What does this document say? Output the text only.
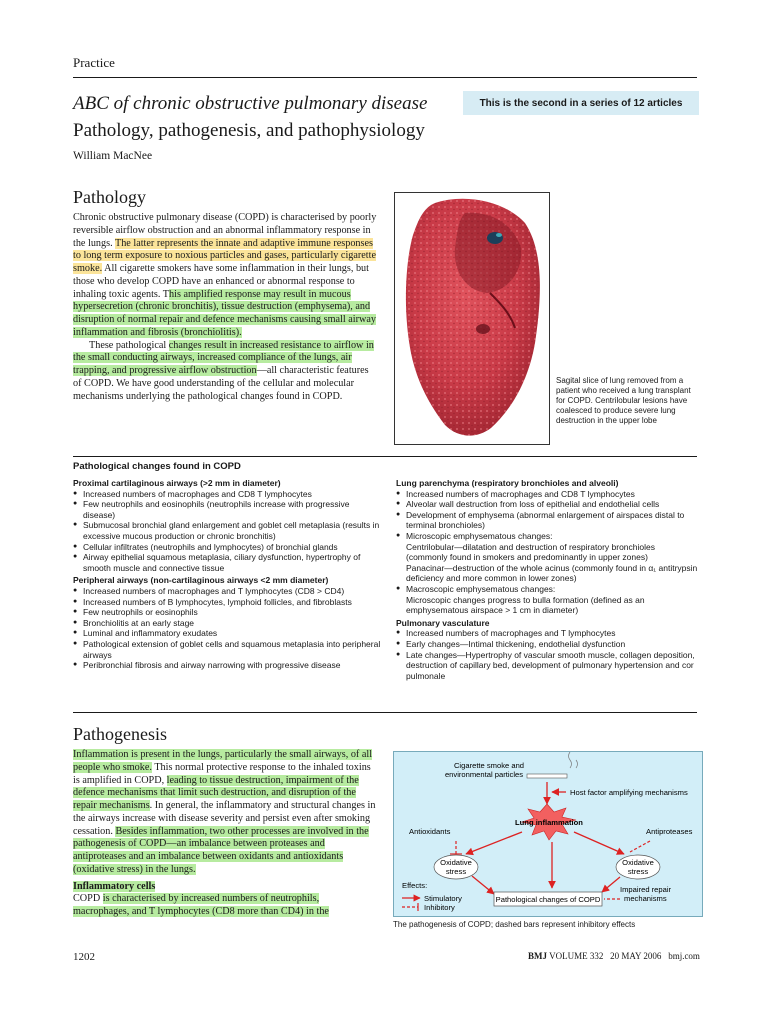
Practice
ABC of chronic obstructive pulmonary disease	This is the second in a series of 12 articles
Pathology, pathogenesis, and pathophysiology
William MacNee
Pathology

Chronic obstructive pulmonary disease (COPD) is characterised by poorly reversible airflow obstruction and an abnormal inflammatory response in the lungs. The latter represents the innate and adaptive immune responses to long term exposure to noxious particles and gases, particularly cigarette smoke. All cigarette smokers have some inflammation in their lungs, but those who develop COPD have an enhanced or abnormal response to inhaling toxic agents. This amplified response may result in mucous hypersecretion (chronic bronchitis), tissue destruction (emphysema), and disruption of normal repair and defence mechanisms causing small airway inflammation and fibrosis (bronchiolitis).

These pathological changes result in increased resistance to airflow in the small conducting airways, increased compliance of the lungs, air trapping, and progressive airflow obstruction—all characteristic features of COPD. We have good understanding of the cellular and molecular mechanisms underlying the pathological changes found in COPD.

Sagital slice of lung removed from a patient who received a lung transplant for COPD. Centrilobular lesions have coalesced to produce severe lung destruction in the upper lobe
Pathological changes found in COPD
Proximal cartilaginous airways (>2 mm in diameter)
● Increased numbers of macrophages and CD8 T lymphocytes
● Few neutrophils and eosinophils (neutrophils increase with progressive disease)
● Submucosal bronchial gland enlargement and goblet cell metaplasia (results in excessive mucous production or chronic bronchitis)
● Cellular infiltrates (neutrophils and lymphocytes) of bronchial glands
● Airway epithelial squamous metaplasia, ciliary dysfunction, hypertrophy of smooth muscle and connective tissue
Peripheral airways (non-cartilaginous airways <2 mm diameter)
● Increased numbers of macrophages and T lymphocytes (CD8 > CD4)
● Increased numbers of B lymphocytes, lymphoid follicles, and fibroblasts
● Few neutrophils or eosinophils
● Bronchiolitis at an early stage
● Luminal and inflammatory exudates
● Pathological extension of goblet cells and squamous metaplasia into peripheral airways
● Peribronchial fibrosis and airway narrowing with progressive disease
Lung parenchyma (respiratory bronchioles and alveoli)
● Increased numbers of macrophages and CD8 T lymphocytes
● Alveolar wall destruction from loss of epithelial and endothelial cells
● Development of emphysema (abnormal enlargement of airspaces distal to terminal bronchioles)
● Microscopic emphysematous changes:
Centrilobular—dilatation and destruction of respiratory bronchioles (commonly found in smokers and predominantly in upper zones)
Panacinar—destruction of the whole acinus (commonly found in α₁ antitrypsin deficiency and more common in lower zones)
● Macroscopic emphysematous changes:
Microscopic changes progress to bulla formation (defined as an emphysematous airspace > 1 cm in diameter)
Pulmonary vasculature
● Increased numbers of macrophages and T lymphocytes
● Early changes—Intimal thickening, endothelial dysfunction
● Late changes—Hypertrophy of vascular smooth muscle, collagen deposition, destruction of capillary bed, development of pulmonary hypertension and cor pulmonale
Pathogenesis

Inflammation is present in the lungs, particularly the small airways, of all people who smoke. This normal protective response to the inhaled toxins is amplified in COPD, leading to tissue destruction, impairment of the defence mechanisms that limit such destruction, and disruption of the repair mechanisms. In general, the inflammatory and structural changes in the airways increase with disease severity and persist even after smoking cessation. Besides inflammation, two other processes are involved in the pathogenesis of COPD—an imbalance between proteases and antiproteases and an imbalance between oxidants and antioxidants (oxidative stress) in the lungs.

Inflammatory cells

COPD is characterised by increased numbers of neutrophils, macrophages, and T lymphocytes (CD8 more than CD4) in the

Cigarette smoke and
environmental particles
Host factor amplifying mechanisms
Lung inflammation
Antioxidants	Antiproteases
Oxidative
stress
Oxidative
stress
Pathological changes of COPD
Impaired repair
mechanisms
Effects:
Stimulatory
Inhibitory
The pathogenesis of COPD; dashed bars represent inhibitory effects
1202	BMJ VOLUME 332 20 MAY 2006 bmj.com
